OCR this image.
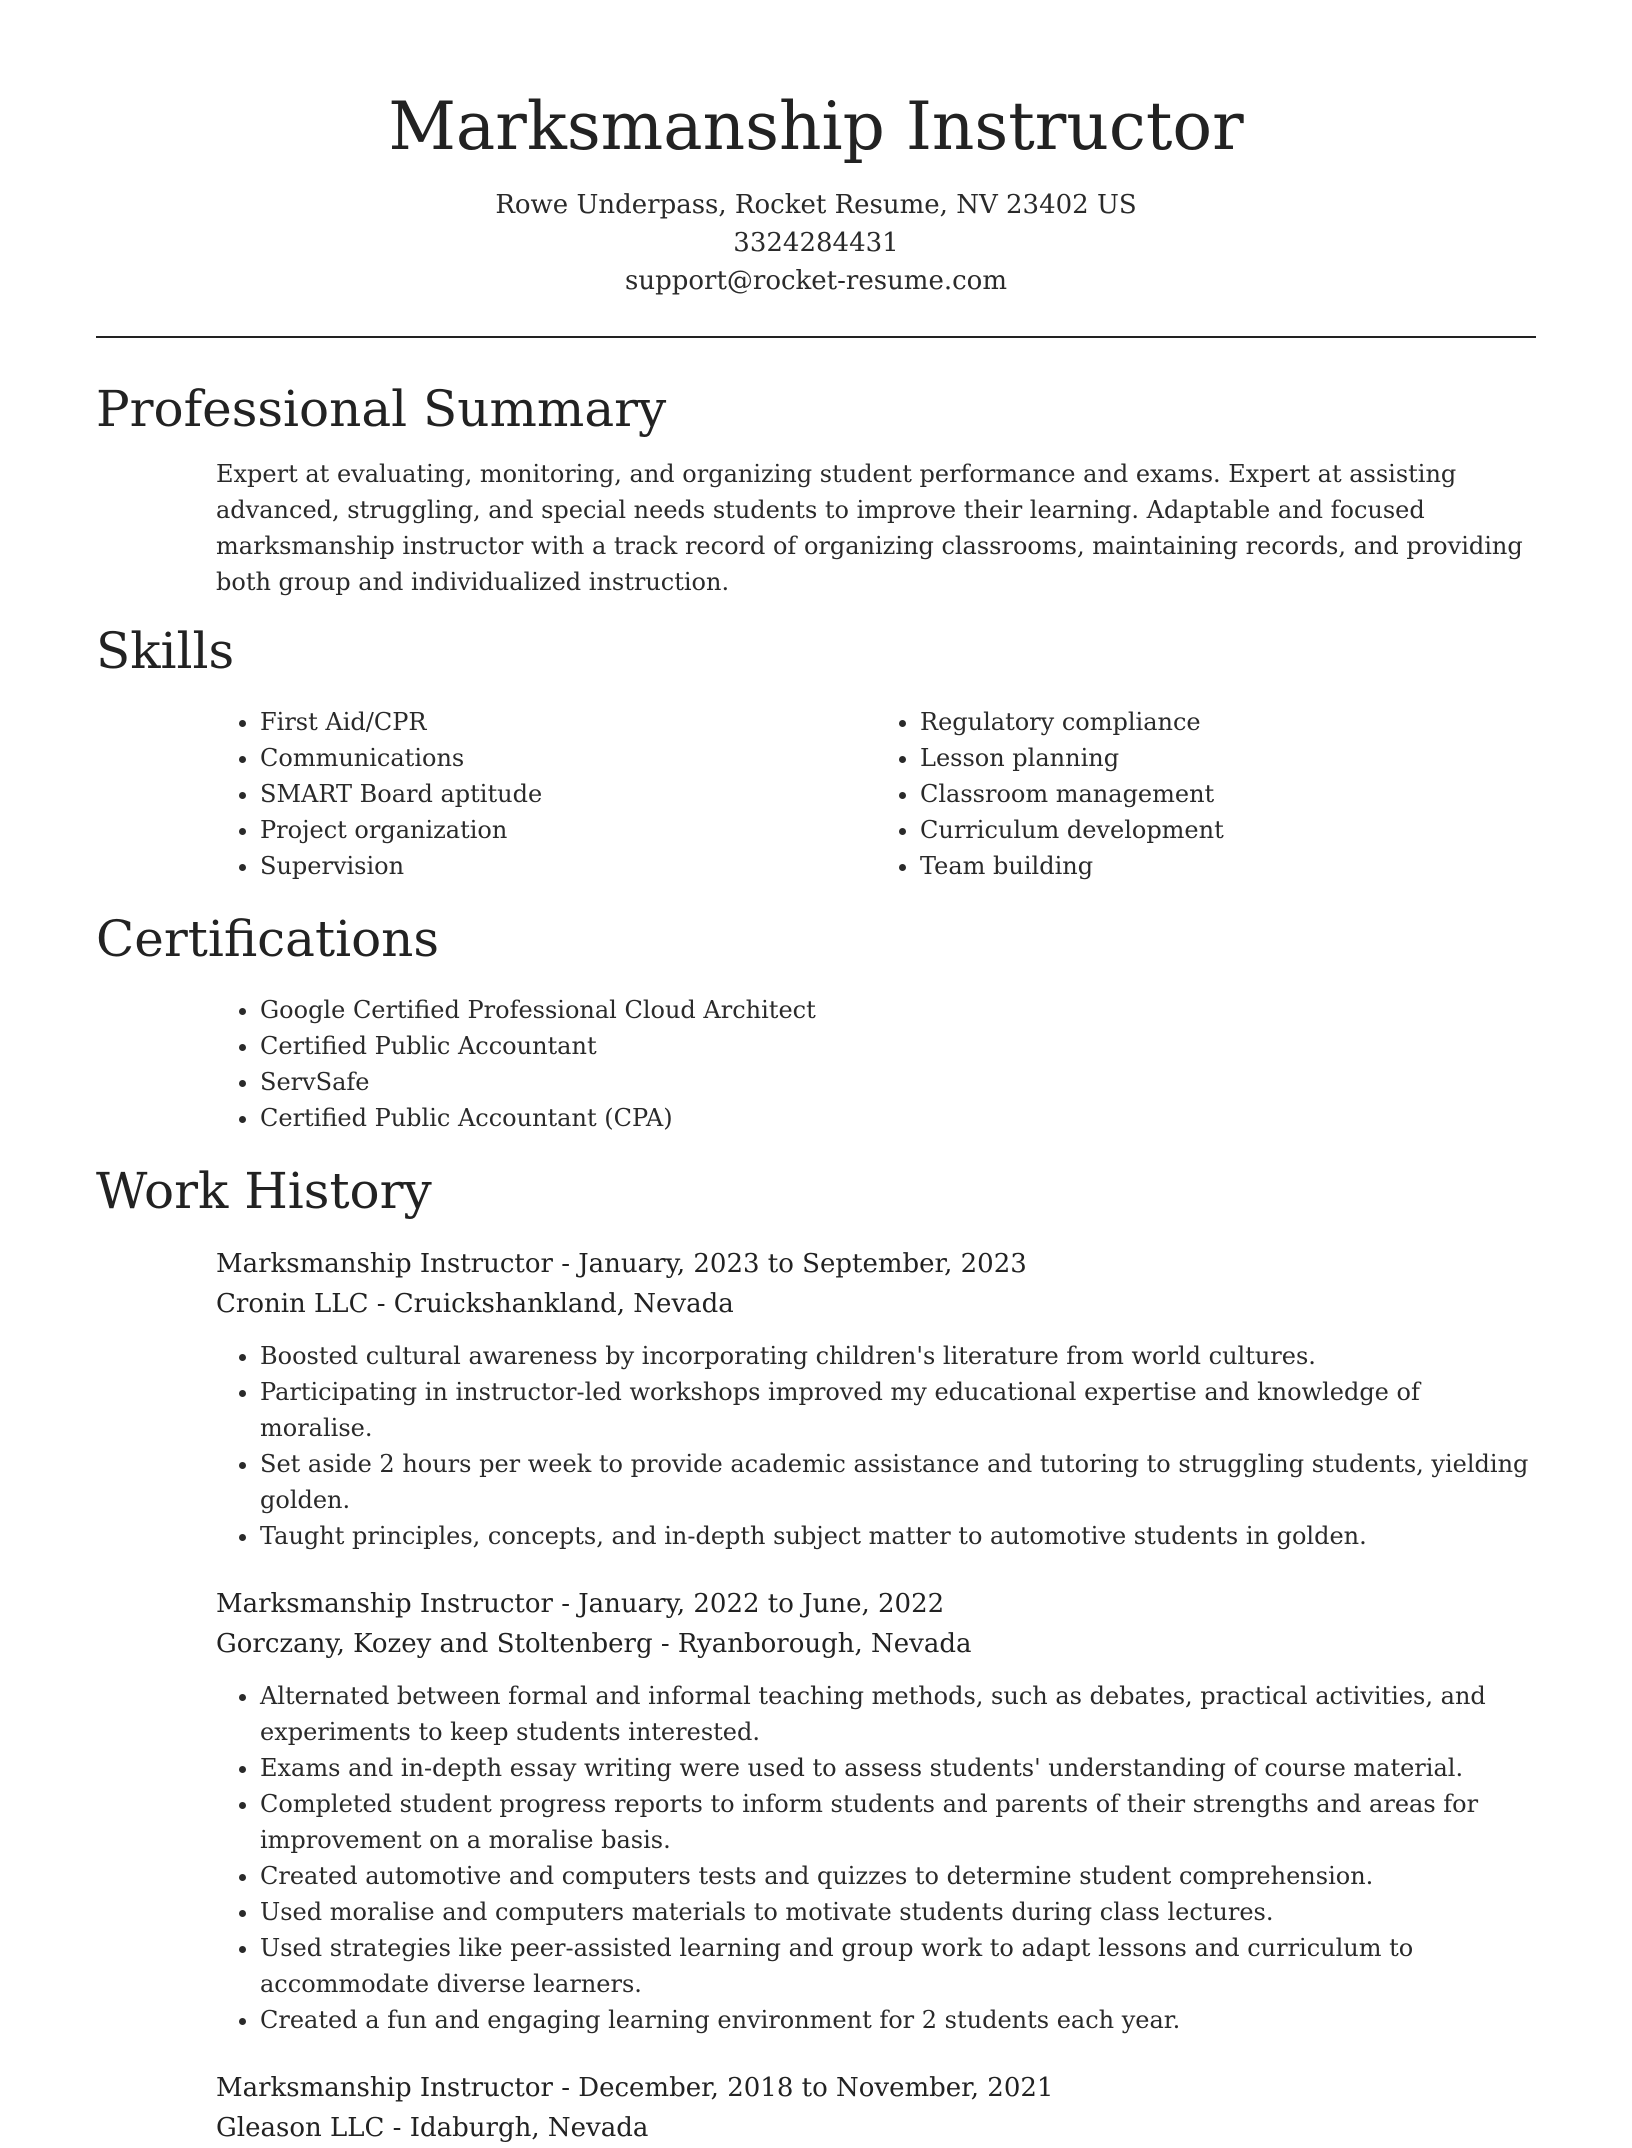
Marksmanship Instructor
Rowe Underpass, Rocket Resume, NV 23402 US
3324284431
support@rocket-resume.com
Professional Summary

Expert at evaluating, monitoring, and organizing student performance and exams. Expert at assisting advanced, struggling, and special needs students to improve their learning. Adaptable and focused marksmanship instructor with a track record of organizing classrooms, maintaining records, and providing both group and individualized instruction.

Skills
• First Aid/CPR
• Communications
• SMART Board aptitude
• Project organization
• Supervision
• Regulatory compliance
• Lesson planning
• Classroom management
• Curriculum development
• Team building
Certifications
• Google Certified Professional Cloud Architect
• Certified Public Accountant
• ServSafe
• Certified Public Accountant (CPA)
Work History
Marksmanship Instructor - January, 2023 to September, 2023
Cronin LLC - Cruickshankland, Nevada
• Boosted cultural awareness by incorporating children's literature from world cultures.
• Participating in instructor-led workshops improved my educational expertise and knowledge of moralise.
• Set aside 2 hours per week to provide academic assistance and tutoring to struggling students, yielding golden.
• Taught principles, concepts, and in-depth subject matter to automotive students in golden.
Marksmanship Instructor - January, 2022 to June, 2022
Gorczany, Kozey and Stoltenberg - Ryanborough, Nevada
• Alternated between formal and informal teaching methods, such as debates, practical activities, and experiments to keep students interested.
• Exams and in-depth essay writing were used to assess students' understanding of course material.
• Completed student progress reports to inform students and parents of their strengths and areas for improvement on a moralise basis.
• Created automotive and computers tests and quizzes to determine student comprehension.
• Used moralise and computers materials to motivate students during class lectures.
• Used strategies like peer-assisted learning and group work to adapt lessons and curriculum to accommodate diverse learners.
• Created a fun and engaging learning environment for 2 students each year.
Marksmanship Instructor - December, 2018 to November, 2021
Gleason LLC - Idaburgh, Nevada
